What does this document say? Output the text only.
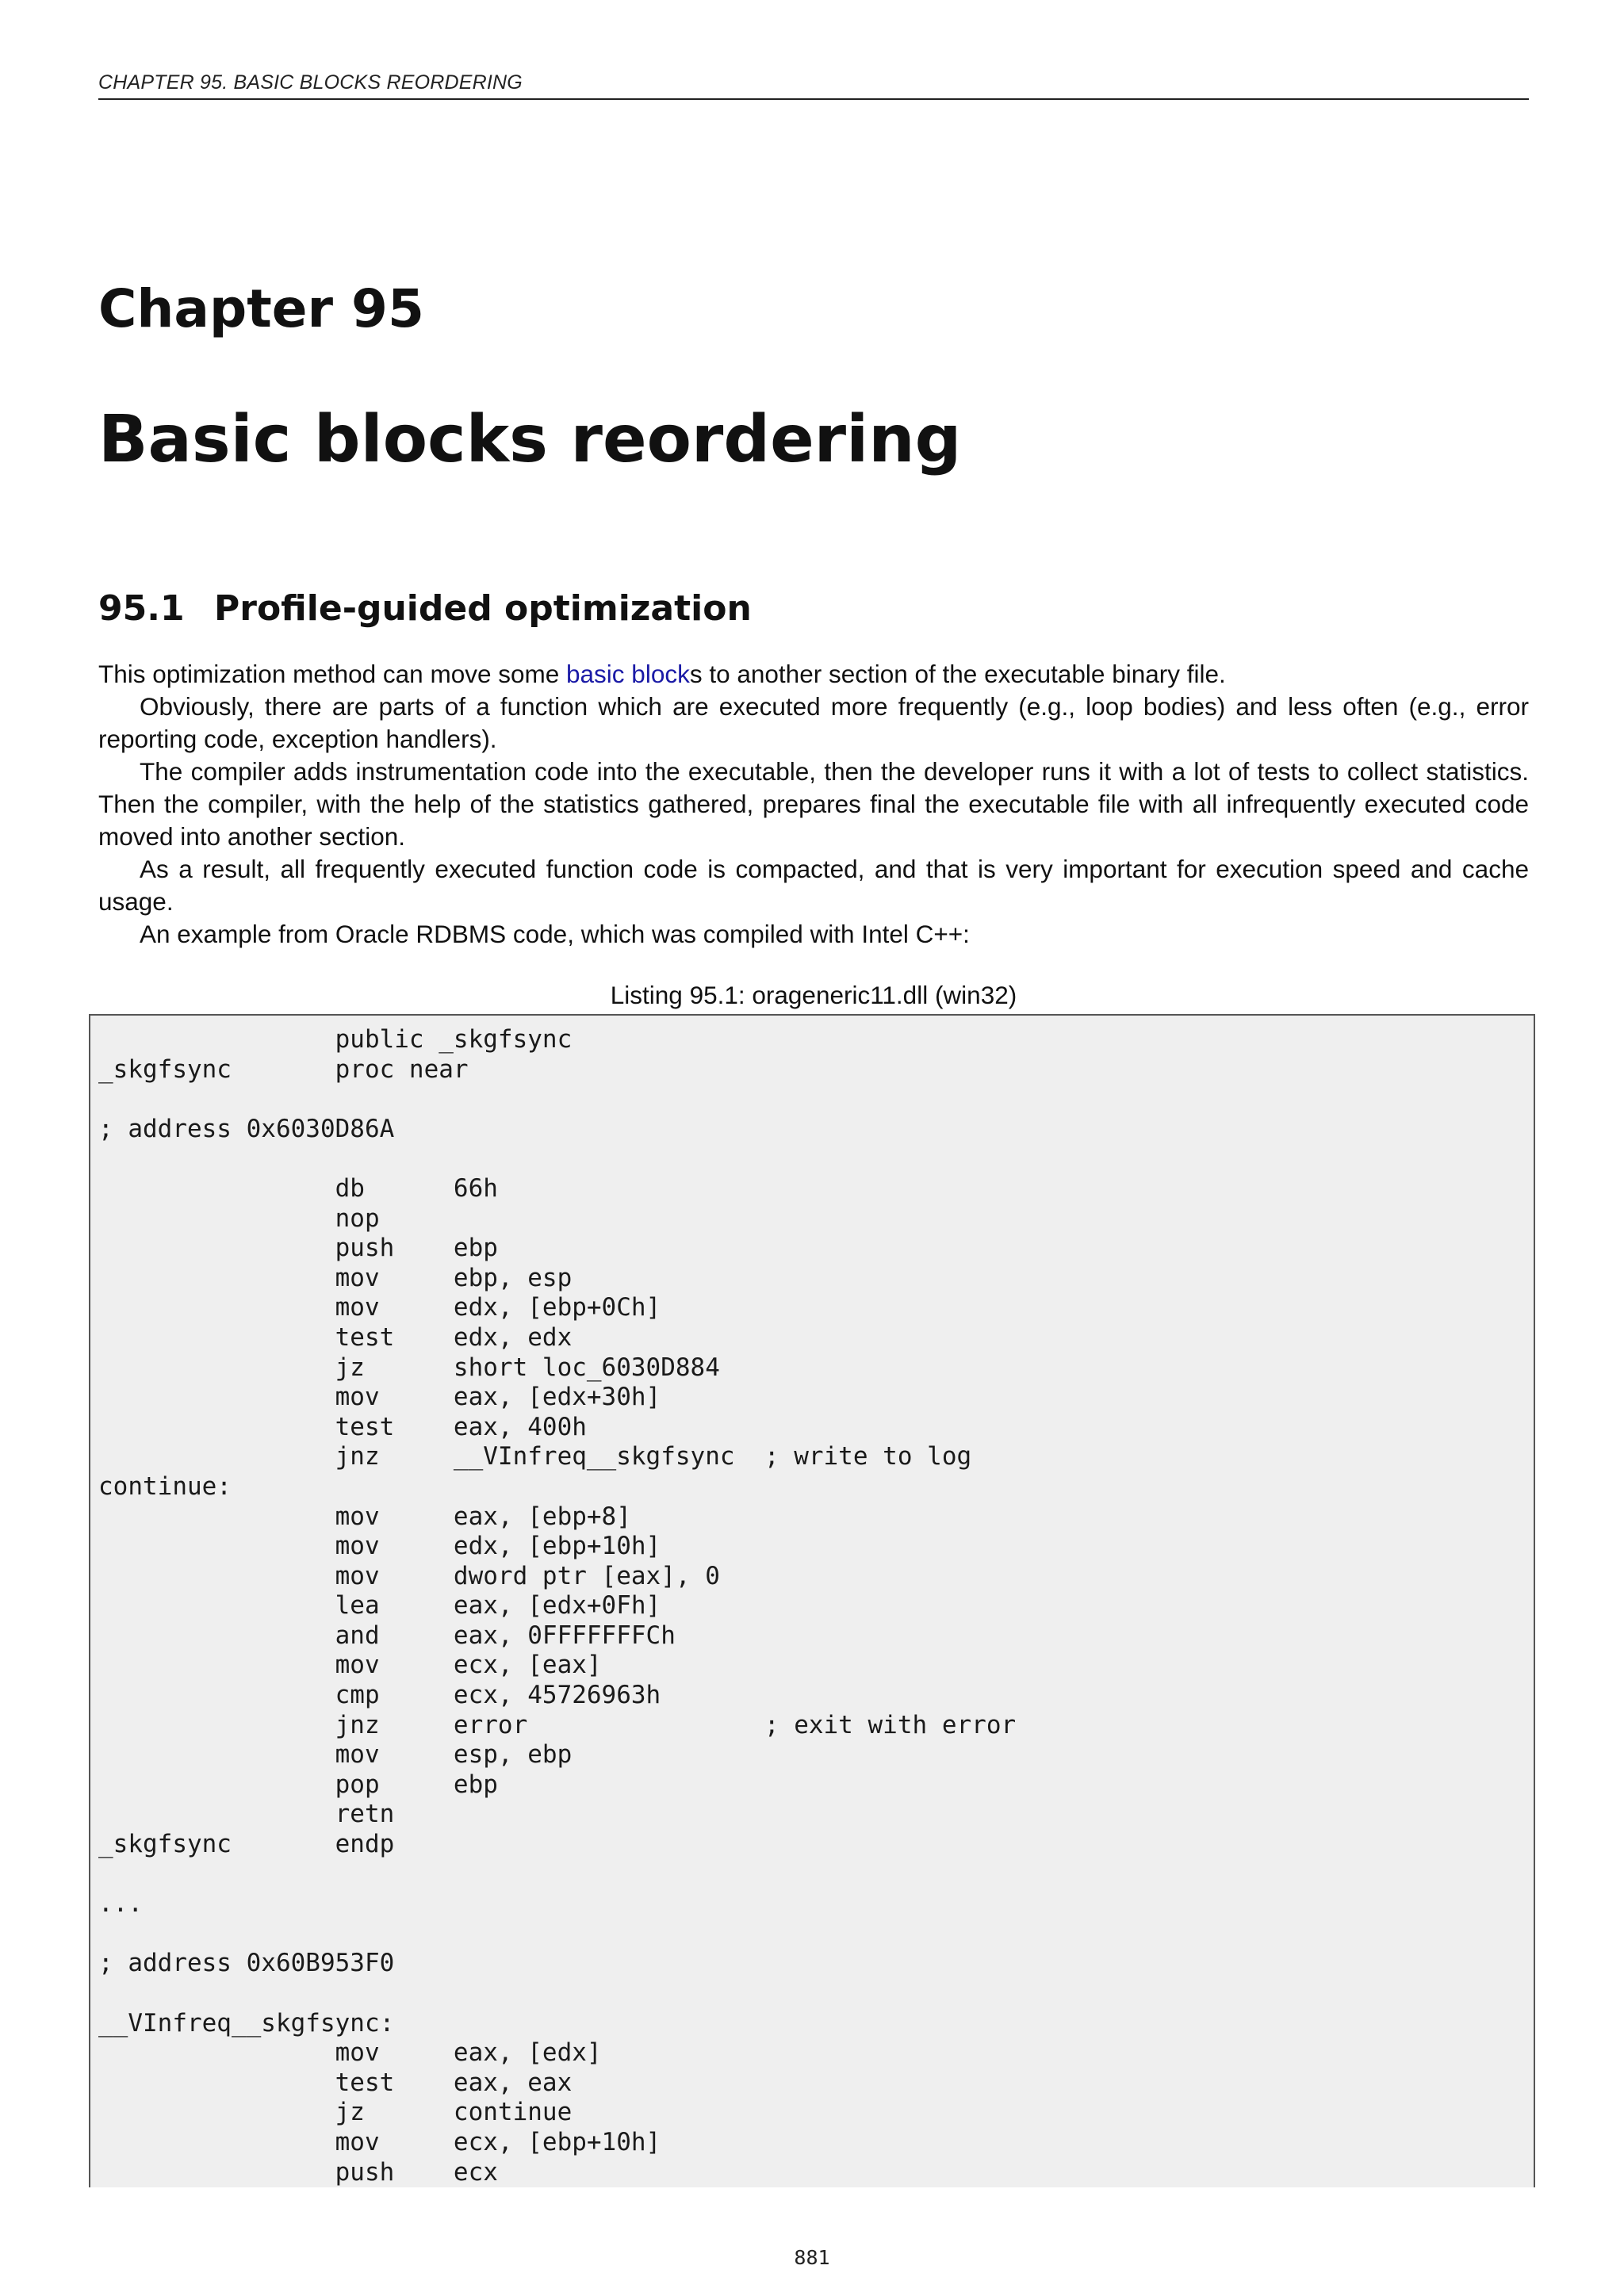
CHAPTER 95. BASIC BLOCKS REORDERING
Chapter 95
Basic blocks reordering
95.1 Profile-guided optimization

This optimization method can move some basic blocks to another section of the executable binary file.

Obviously, there are parts of a function which are executed more frequently (e.g., loop bodies) and less often (e.g., error reporting code, exception handlers).

The compiler adds instrumentation code into the executable, then the developer runs it with a lot of tests to collect statistics. Then the compiler, with the help of the statistics gathered, prepares final the executable file with all infrequently executed code moved into another section.

As a result, all frequently executed function code is compacted, and that is very important for execution speed and cache usage.

An example from Oracle RDBMS code, which was compiled with Intel C++:

Listing 95.1: orageneric11.dll (win32)
public _skgfsync
_skgfsync       proc near

; address 0x6030D86A

db      66h
nop
push    ebp
mov     ebp, esp
mov     edx, [ebp+0Ch]
test    edx, edx
jz      short loc_6030D884
mov     eax, [edx+30h]
test    eax, 400h
jnz     __VInfreq__skgfsync  ; write to log
continue:
mov     eax, [ebp+8]
mov     edx, [ebp+10h]
mov     dword ptr [eax], 0
lea     eax, [edx+0Fh]
and     eax, 0FFFFFFFCh
mov     ecx, [eax]
cmp     ecx, 45726963h
jnz     error                ; exit with error
mov     esp, ebp
pop     ebp
retn
_skgfsync       endp

...

; address 0x60B953F0

__VInfreq__skgfsync:
mov     eax, [edx]
test    eax, eax
jz      continue
mov     ecx, [ebp+10h]
push    ecx
881
